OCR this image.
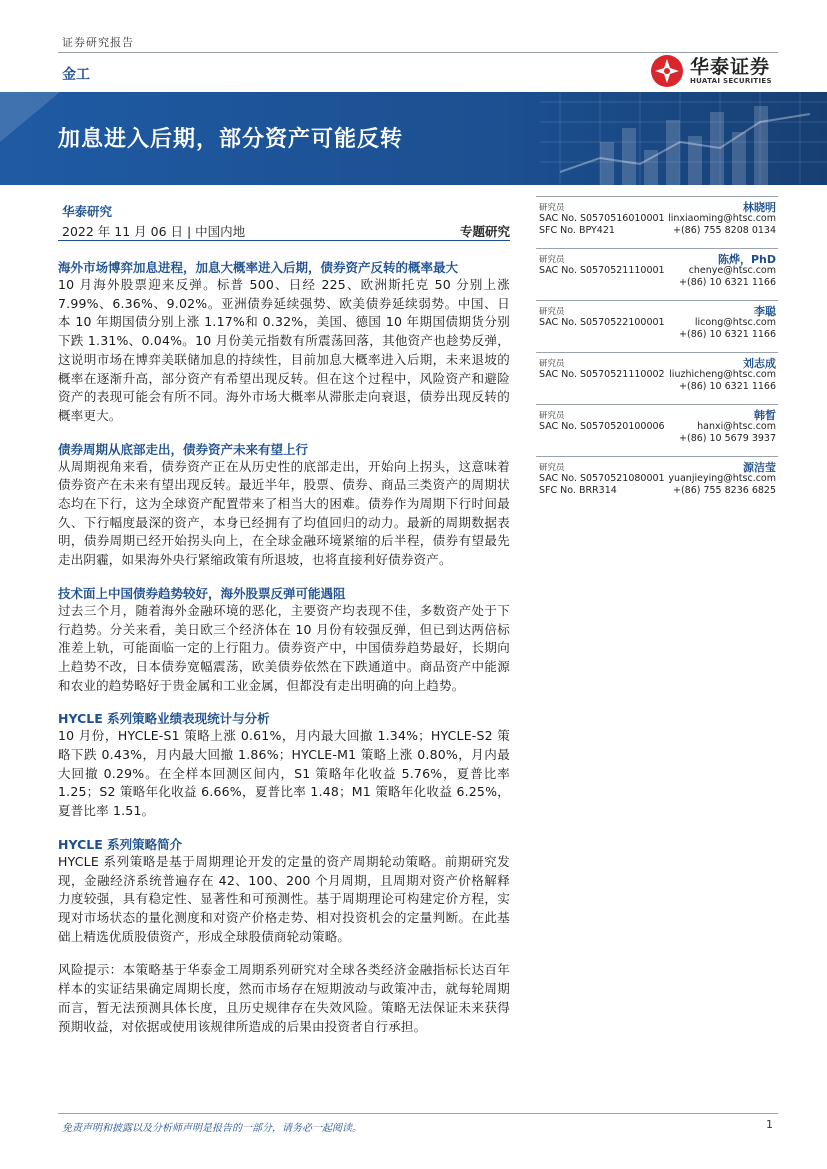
证券研究报告
金工	华泰证券
HUATAI SECURITIES
加息进入后期，部分资产可能反转
华泰研究
2022 年 11 月 06 日 | 中国内地	专题研究
海外市场博弈加息进程，加息大概率进入后期，债券资产反转的概率最大
10 月海外股票迎来反弹。标普 500、日经 225、欧洲斯托克 50 分别上涨 7.99%、6.36%、9.02%。亚洲债券延续强势、欧美债券延续弱势。中国、日本 10 年期国债分别上涨 1.17%和 0.32%，美国、德国 10 年期国债期货分别下跌 1.31%、0.04%。10 月份美元指数有所震荡回落，其他资产也趁势反弹，这说明市场在博弈美联储加息的持续性，目前加息大概率进入后期，未来退坡的概率在逐渐升高，部分资产有希望出现反转。但在这个过程中，风险资产和避险资产的表现可能会有所不同。海外市场大概率从滞胀走向衰退，债券出现反转的概率更大。
债券周期从底部走出，债券资产未来有望上行
从周期视角来看，债券资产正在从历史性的底部走出，开始向上拐头，这意味着债券资产在未来有望出现反转。最近半年，股票、债券、商品三类资产的周期状态均在下行，这为全球资产配置带来了相当大的困难。债券作为周期下行时间最久、下行幅度最深的资产，本身已经拥有了均值回归的动力。最新的周期数据表明，债券周期已经开始拐头向上，在全球金融环境紧缩的后半程，债券有望最先走出阴霾，如果海外央行紧缩政策有所退坡，也将直接利好债券资产。
技术面上中国债券趋势较好，海外股票反弹可能遇阻
过去三个月，随着海外金融环境的恶化，主要资产均表现不佳，多数资产处于下行趋势。分关来看，美日欧三个经济体在 10 月份有较强反弹，但已到达两倍标准差上轨，可能面临一定的上行阻力。债券资产中，中国债券趋势最好，长期向上趋势不改，日本债券宽幅震荡，欧美债券依然在下跌通道中。商品资产中能源和农业的趋势略好于贵金属和工业金属，但都没有走出明确的向上趋势。
HYCLE 系列策略业绩表现统计与分析
10 月份，HYCLE-S1 策略上涨 0.61%，月内最大回撤 1.34%；HYCLE-S2 策略下跌 0.43%，月内最大回撤 1.86%；HYCLE-M1 策略上涨 0.80%，月内最大回撤 0.29%。在全样本回测区间内，S1 策略年化收益 5.76%，夏普比率 1.25；S2 策略年化收益 6.66%，夏普比率 1.48；M1 策略年化收益 6.25%，夏普比率 1.51。
HYCLE 系列策略简介
HYCLE 系列策略是基于周期理论开发的定量的资产周期轮动策略。前期研究发现，金融经济系统普遍存在 42、100、200 个月周期，且周期对资产价格解释力度较强，具有稳定性、显著性和可预测性。基于周期理论可构建定价方程，实现对市场状态的量化测度和对资产价格走势、相对投资机会的定量判断。在此基础上精选优质股债资产，形成全球股债商轮动策略。
风险提示：本策略基于华泰金工周期系列研究对全球各类经济金融指标长达百年样本的实证结果确定周期长度，然而市场存在短期波动与政策冲击，就每轮周期而言，暂无法预测具体长度，且历史规律存在失效风险。策略无法保证未来获得预期收益，对依据或使用该规律所造成的后果由投资者自行承担。
研究员	林晓明
SAC No. S0570516010001 linxiaoming@htsc.com
SFC No. BPY421	+(86) 755 8208 0134
研究员	陈烨，PhD
SAC No. S0570521110001	chenye@htsc.com
+(86) 10 6321 1166
研究员	李聪
SAC No. S0570522100001	licong@htsc.com
+(86) 10 6321 1166
研究员	刘志成
SAC No. S0570521110002 liuzhicheng@htsc.com
+(86) 10 6321 1166
研究员	韩晳
SAC No. S0570520100006	hanxi@htsc.com
+(86) 10 5679 3937
研究员	源洁莹
SAC No. S0570521080001 yuanjieying@htsc.com
SFC No. BRR314	+(86) 755 8236 6825
免责声明和披露以及分析师声明是报告的一部分，请务必一起阅读。	1
